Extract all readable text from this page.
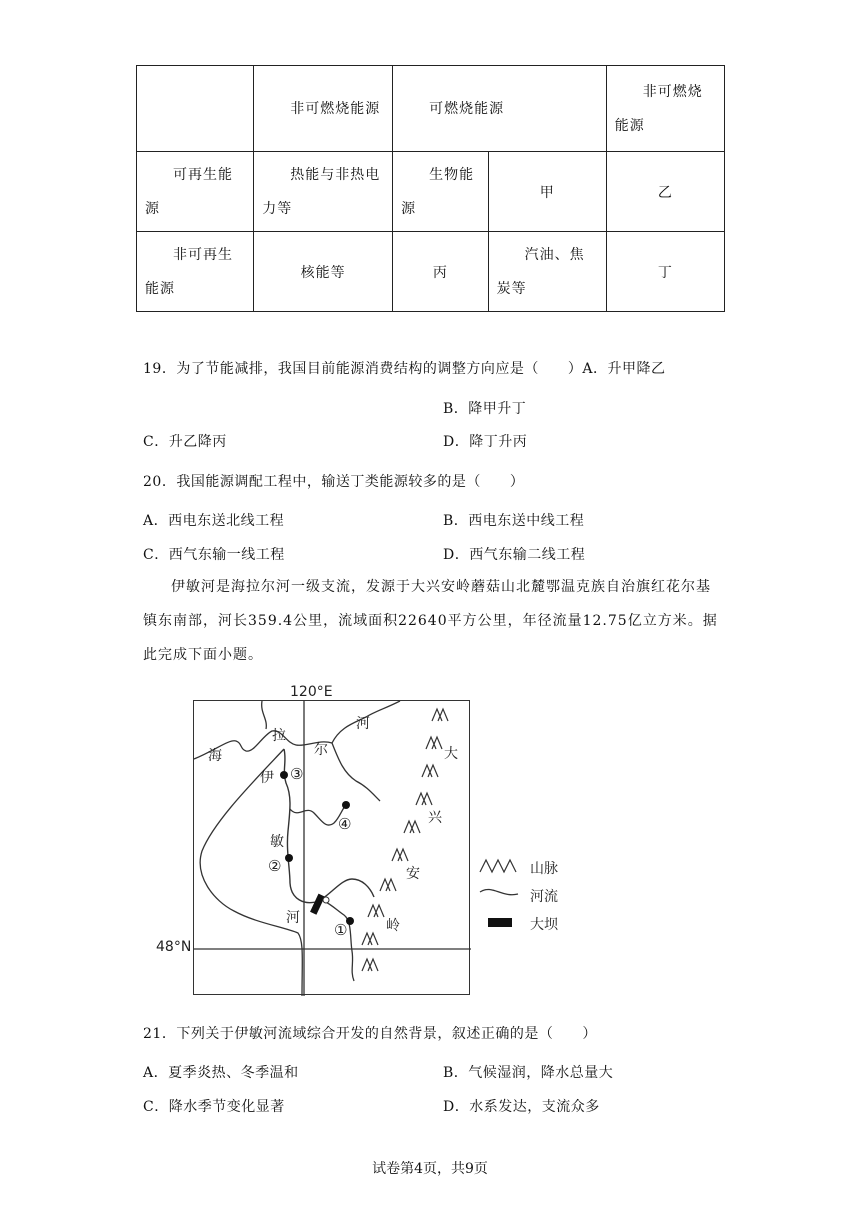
	非可燃烧能源	可燃烧能源		非可燃烧能源

可再生能源	热能与非热电力等	生物能源	甲	乙

非可再生能源	核能等	丙	汽油、焦炭等	丁
19．为了节能减排，我国目前能源消费结构的调整方向应是（　　）A．升甲降乙
B．降甲升丁
C．升乙降丙	D．降丁升丙
20．我国能源调配工程中，输送丁类能源较多的是（　　）
A．西电东送北线工程	B．西电东送中线工程
C．西气东输一线工程	D．西气东输二线工程
伊敏河是海拉尔河一级支流，发源于大兴安岭蘑菇山北麓鄂温克族自治旗红花尔基镇东南部，河长359.4公里，流域面积22640平方公里，年径流量12.75亿立方米。据此完成下面小题。
120°E
48°N
海
拉
尔
河
伊
敏
河
大
兴
安
岭
③
④
②
①
山脉
河流
大坝
21．下列关于伊敏河流域综合开发的自然背景，叙述正确的是（　　）
A．夏季炎热、冬季温和	B．气候湿润，降水总量大
C．降水季节变化显著	D．水系发达，支流众多
试卷第4页，共9页
